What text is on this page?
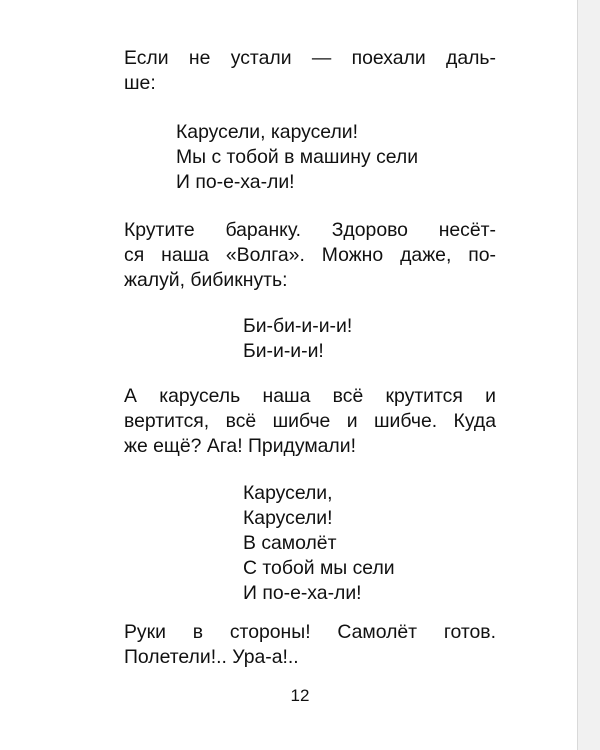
Если не устали — поехали даль-
ше:
Карусели, карусели!
Мы с тобой в машину сели
И по-е-ха-ли!
Крутите баранку. Здорово несёт-
ся наша «Волга». Можно даже, по-
жалуй, бибикнуть:
Би-би-и-и-и!
Би-и-и-и!
А карусель наша всё крутится и
вертится, всё шибче и шибче. Куда
же ещё? Ага! Придумали!
Карусели,
Карусели!
В самолёт
С тобой мы сели
И по-е-ха-ли!
Руки в стороны! Самолёт готов.
Полетели!.. Ура-а!..
12
